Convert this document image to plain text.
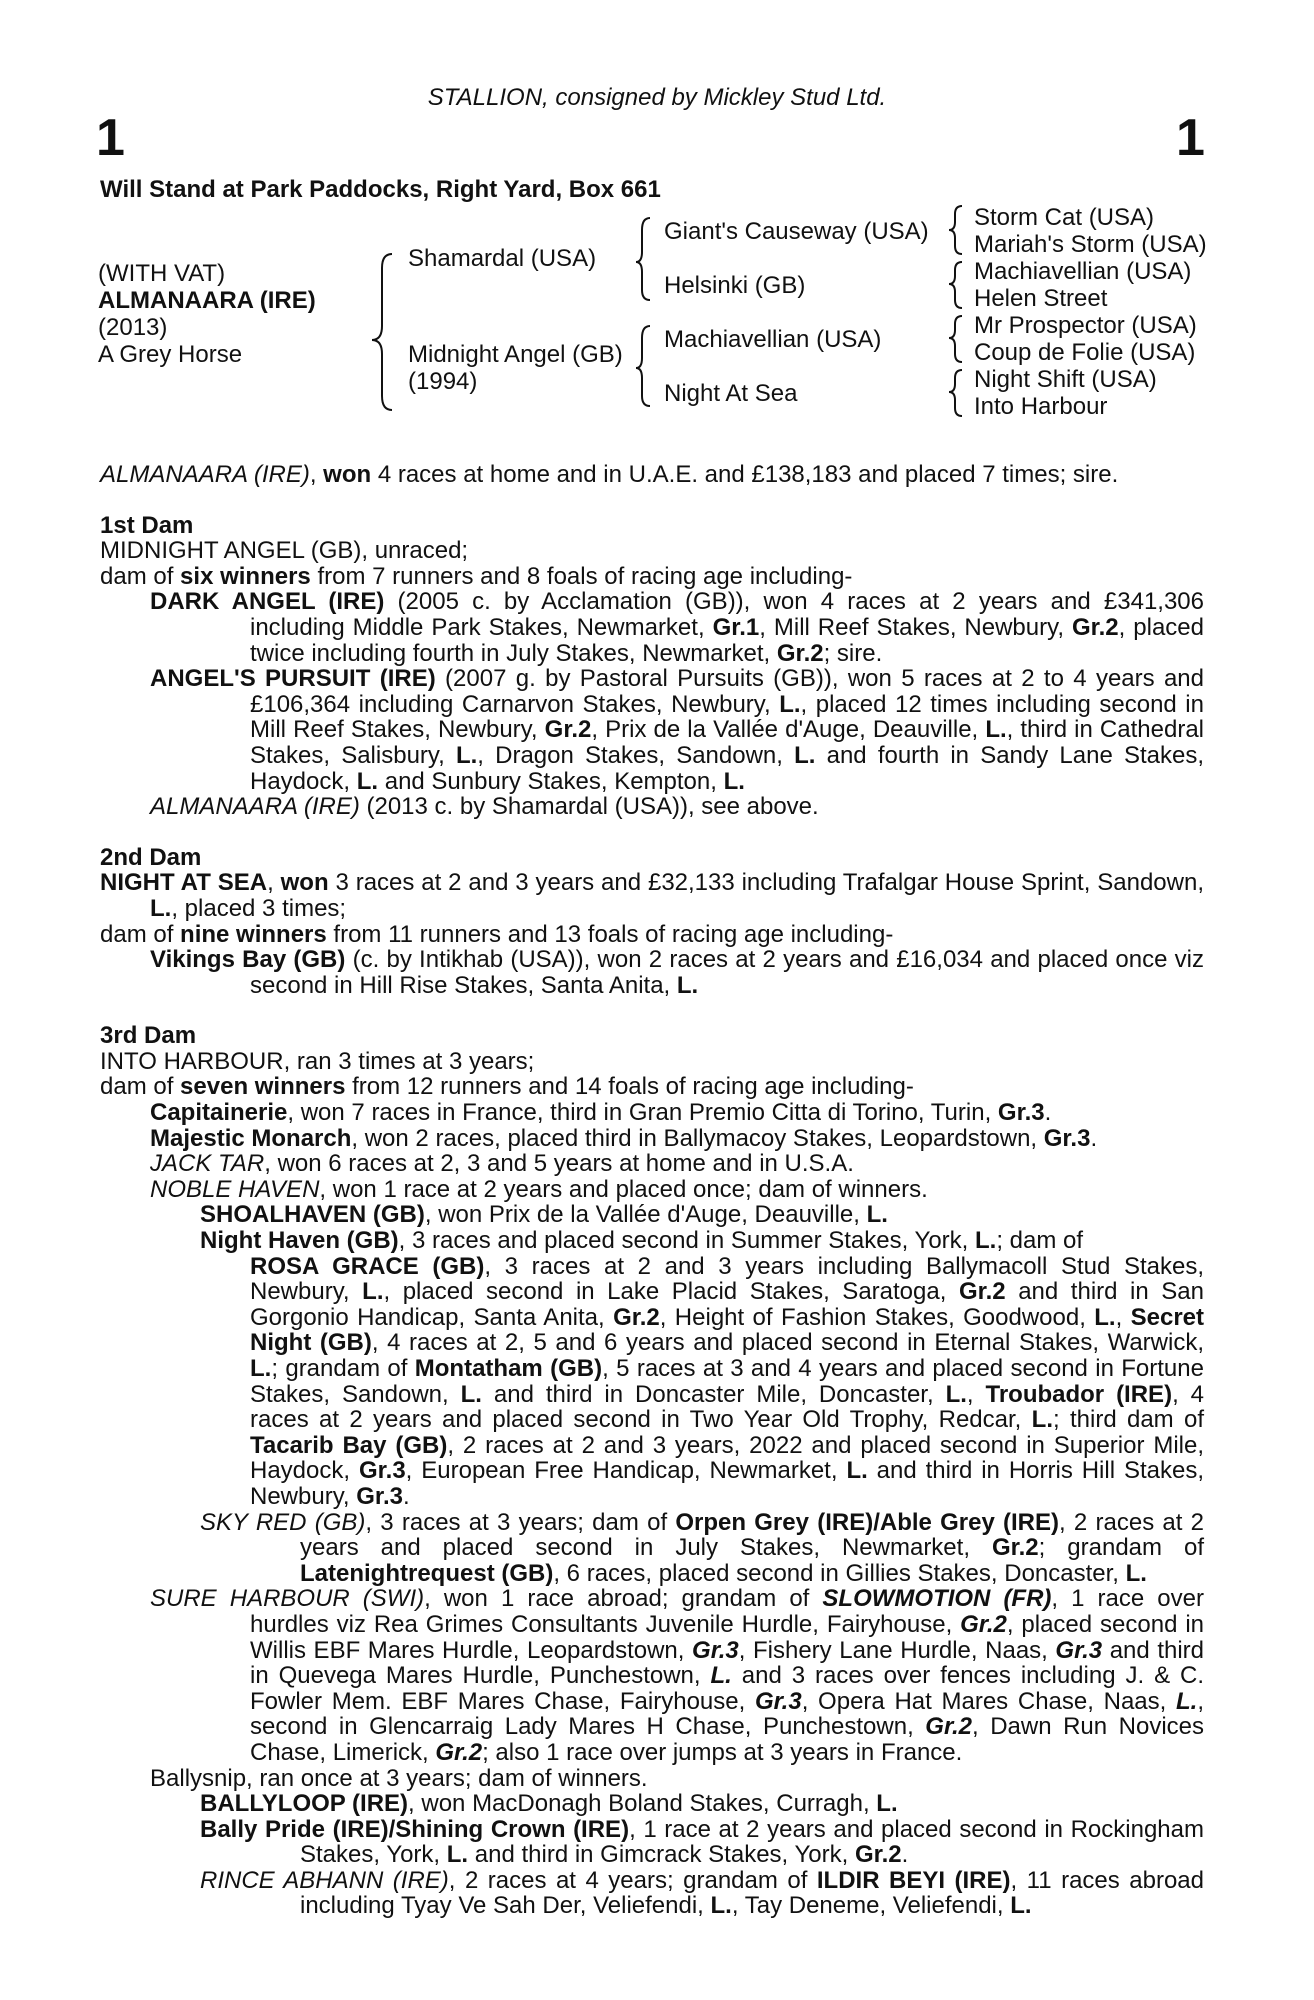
STALLION, consigned by Mickley Stud Ltd.
1	1
Will Stand at Park Paddocks, Right Yard, Box 661
(WITH VAT)
ALMANAARA (IRE)
(2013)
A Grey Horse
Shamardal (USA)
Midnight Angel (GB)
(1994)
Giant's Causeway (USA)
Helsinki (GB)
Machiavellian (USA)
Night At Sea
Storm Cat (USA)
Mariah's Storm (USA)
Machiavellian (USA)
Helen Street
Mr Prospector (USA)
Coup de Folie (USA)
Night Shift (USA)
Into Harbour

ALMANAARA (IRE), won 4 races at home and in U.A.E. and £138,183 and placed 7 times; sire.

1st Dam

MIDNIGHT ANGEL (GB), unraced;

dam of six winners from 7 runners and 8 foals of racing age including-

DARK ANGEL (IRE) (2005 c. by Acclamation (GB)), won 4 races at 2 years and £341,306 including Middle Park Stakes, Newmarket, Gr.1, Mill Reef Stakes, Newbury, Gr.2, placed twice including fourth in July Stakes, Newmarket, Gr.2; sire.

ANGEL'S PURSUIT (IRE) (2007 g. by Pastoral Pursuits (GB)), won 5 races at 2 to 4 years and £106,364 including Carnarvon Stakes, Newbury, L., placed 12 times including second in Mill Reef Stakes, Newbury, Gr.2, Prix de la Vallée d'Auge, Deauville, L., third in Cathedral Stakes, Salisbury, L., Dragon Stakes, Sandown, L. and fourth in Sandy Lane Stakes, Haydock, L. and Sunbury Stakes, Kempton, L.

ALMANAARA (IRE) (2013 c. by Shamardal (USA)), see above.

2nd Dam

NIGHT AT SEA, won 3 races at 2 and 3 years and £32,133 including Trafalgar House Sprint, Sandown, L., placed 3 times;

dam of nine winners from 11 runners and 13 foals of racing age including-

Vikings Bay (GB) (c. by Intikhab (USA)), won 2 races at 2 years and £16,034 and placed once viz second in Hill Rise Stakes, Santa Anita, L.

3rd Dam

INTO HARBOUR, ran 3 times at 3 years;

dam of seven winners from 12 runners and 14 foals of racing age including-

Capitainerie, won 7 races in France, third in Gran Premio Citta di Torino, Turin, Gr.3.

Majestic Monarch, won 2 races, placed third in Ballymacoy Stakes, Leopardstown, Gr.3.

JACK TAR, won 6 races at 2, 3 and 5 years at home and in U.S.A.

NOBLE HAVEN, won 1 race at 2 years and placed once; dam of winners.

SHOALHAVEN (GB), won Prix de la Vallée d'Auge, Deauville, L.

Night Haven (GB), 3 races and placed second in Summer Stakes, York, L.; dam of

ROSA GRACE (GB), 3 races at 2 and 3 years including Ballymacoll Stud Stakes, Newbury, L., placed second in Lake Placid Stakes, Saratoga, Gr.2 and third in San Gorgonio Handicap, Santa Anita, Gr.2, Height of Fashion Stakes, Goodwood, L., Secret Night (GB), 4 races at 2, 5 and 6 years and placed second in Eternal Stakes, Warwick, L.; grandam of Montatham (GB), 5 races at 3 and 4 years and placed second in Fortune Stakes, Sandown, L. and third in Doncaster Mile, Doncaster, L., Troubador (IRE), 4 races at 2 years and placed second in Two Year Old Trophy, Redcar, L.; third dam of Tacarib Bay (GB), 2 races at 2 and 3 years, 2022 and placed second in Superior Mile, Haydock, Gr.3, European Free Handicap, Newmarket, L. and third in Horris Hill Stakes, Newbury, Gr.3.

SKY RED (GB), 3 races at 3 years; dam of Orpen Grey (IRE)/Able Grey (IRE), 2 races at 2 years and placed second in July Stakes, Newmarket, Gr.2; grandam of Latenightrequest (GB), 6 races, placed second in Gillies Stakes, Doncaster, L.

SURE HARBOUR (SWI), won 1 race abroad; grandam of SLOWMOTION (FR), 1 race over hurdles viz Rea Grimes Consultants Juvenile Hurdle, Fairyhouse, Gr.2, placed second in Willis EBF Mares Hurdle, Leopardstown, Gr.3, Fishery Lane Hurdle, Naas, Gr.3 and third in Quevega Mares Hurdle, Punchestown, L. and 3 races over fences including J. & C. Fowler Mem. EBF Mares Chase, Fairyhouse, Gr.3, Opera Hat Mares Chase, Naas, L., second in Glencarraig Lady Mares H Chase, Punchestown, Gr.2, Dawn Run Novices Chase, Limerick, Gr.2; also 1 race over jumps at 3 years in France.

Ballysnip, ran once at 3 years; dam of winners.

BALLYLOOP (IRE), won MacDonagh Boland Stakes, Curragh, L.

Bally Pride (IRE)/Shining Crown (IRE), 1 race at 2 years and placed second in Rockingham Stakes, York, L. and third in Gimcrack Stakes, York, Gr.2.

RINCE ABHANN (IRE), 2 races at 4 years; grandam of ILDIR BEYI (IRE), 11 races abroad including Tyay Ve Sah Der, Veliefendi, L., Tay Deneme, Veliefendi, L.
